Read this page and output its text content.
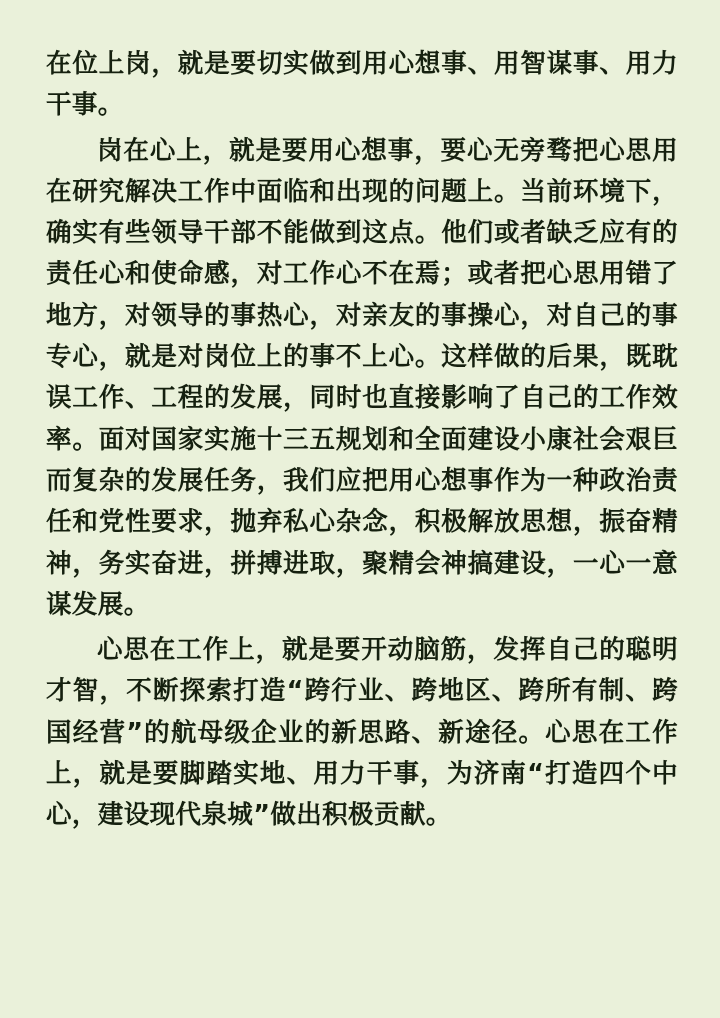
在位上岗，就是要切实做到用心想事、用智谋事、用力干事。

岗在心上，就是要用心想事，要心无旁骛把心思用在研究解决工作中面临和出现的问题上。当前环境下，确实有些领导干部不能做到这点。他们或者缺乏应有的责任心和使命感，对工作心不在焉；或者把心思用错了地方，对领导的事热心，对亲友的事操心，对自己的事专心，就是对岗位上的事不上心。这样做的后果，既耽误工作、工程的发展，同时也直接影响了自己的工作效率。面对国家实施十三五规划和全面建设小康社会艰巨而复杂的发展任务，我们应把用心想事作为一种政治责任和党性要求，抛弃私心杂念，积极解放思想，振奋精神，务实奋进，拼搏进取，聚精会神搞建设，一心一意谋发展。

心思在工作上，就是要开动脑筋，发挥自己的聪明才智，不断探索打造“跨行业、跨地区、跨所有制、跨国经营”的航母级企业的新思路、新途径。心思在工作上，就是要脚踏实地、用力干事，为济南“打造四个中心，建设现代泉城”做出积极贡献。
